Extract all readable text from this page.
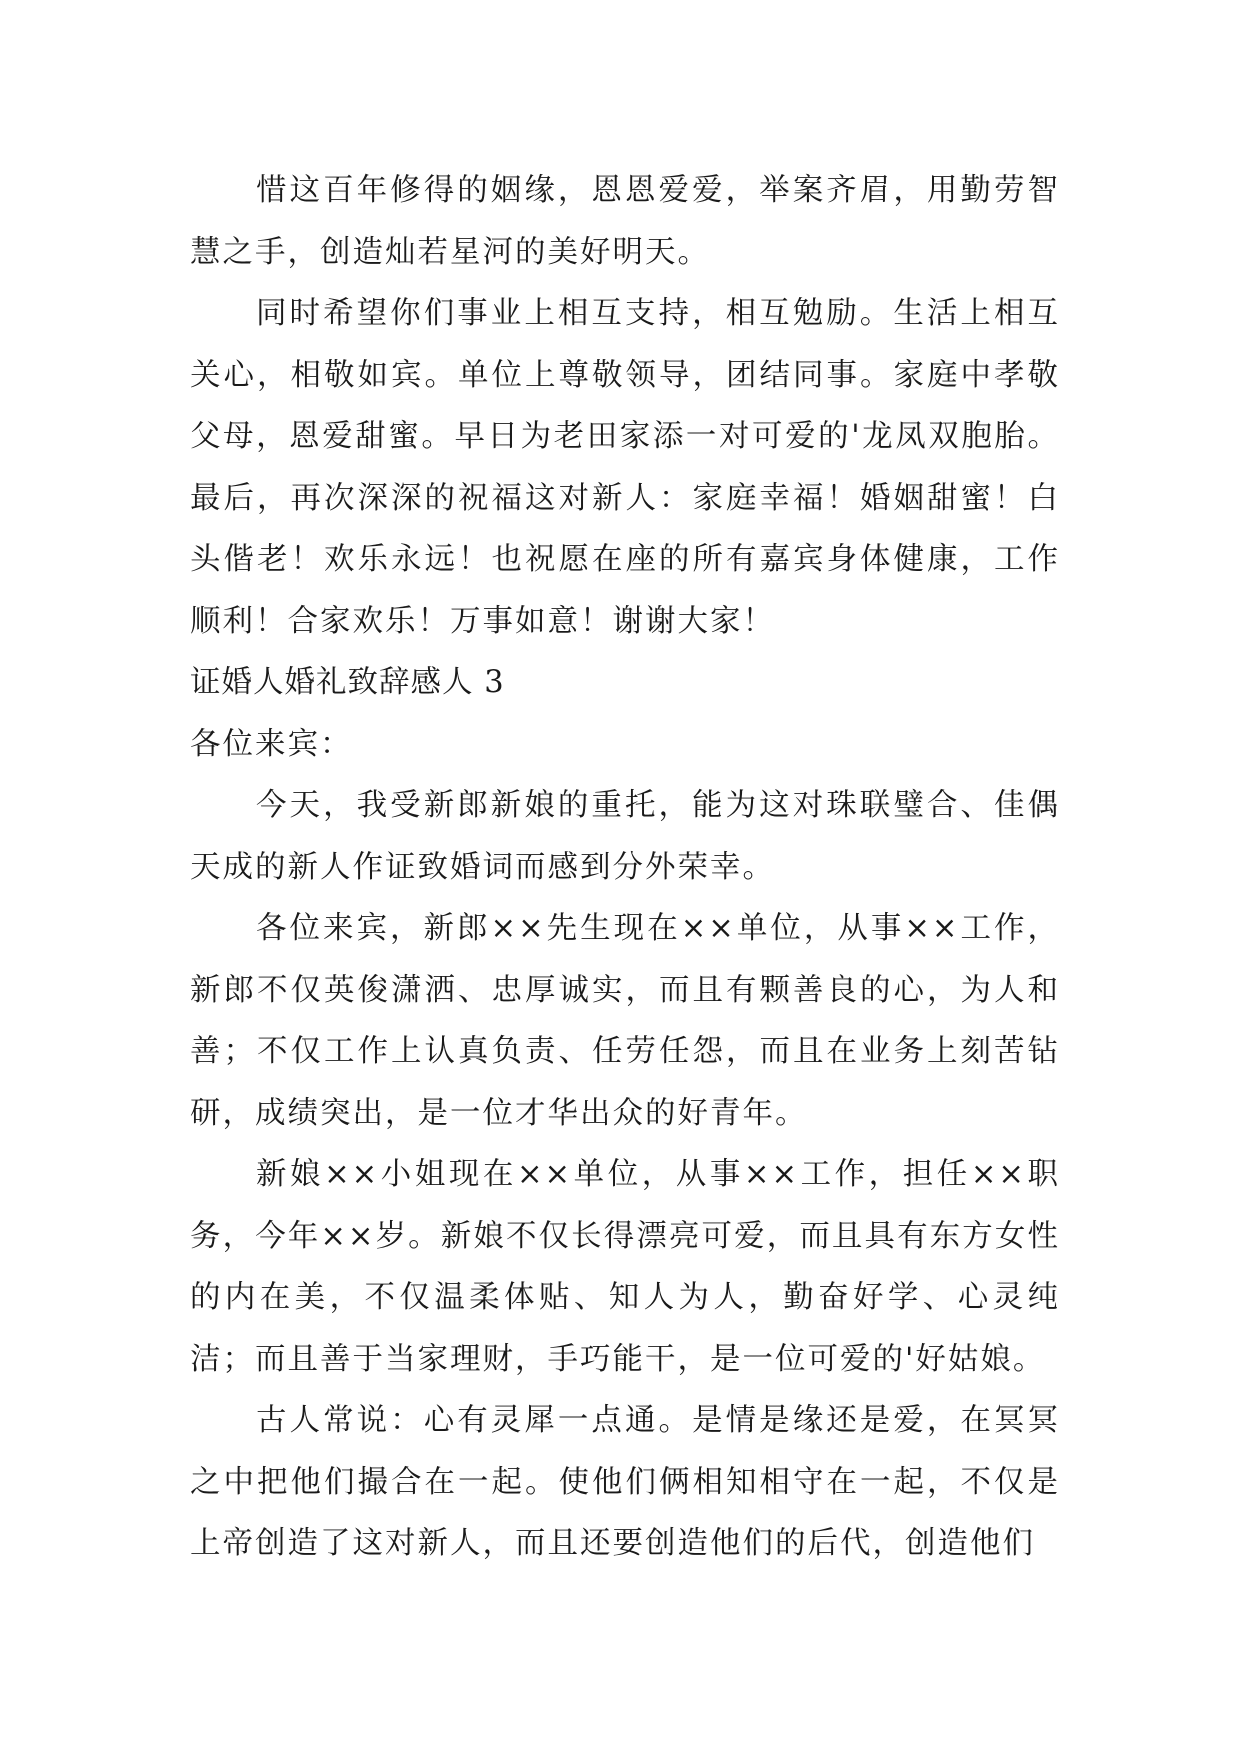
惜这百年修得的姻缘，恩恩爱爱，举案齐眉，用勤劳智慧之手，创造灿若星河的美好明天。

同时希望你们事业上相互支持，相互勉励。生活上相互关心，相敬如宾。单位上尊敬领导，团结同事。家庭中孝敬父母，恩爱甜蜜。早日为老田家添一对可爱的'龙凤双胞胎。最后，再次深深的祝福这对新人：家庭幸福！婚姻甜蜜！白头偕老！欢乐永远！也祝愿在座的所有嘉宾身体健康，工作顺利！合家欢乐！万事如意！谢谢大家！

证婚人婚礼致辞感人 3

各位来宾：

今天，我受新郎新娘的重托，能为这对珠联璧合、佳偶天成的新人作证致婚词而感到分外荣幸。

各位来宾，新郎××先生现在××单位，从事××工作，新郎不仅英俊潇洒、忠厚诚实，而且有颗善良的心，为人和善；不仅工作上认真负责、任劳任怨，而且在业务上刻苦钻研，成绩突出，是一位才华出众的好青年。

新娘××小姐现在××单位，从事××工作，担任××职务，今年××岁。新娘不仅长得漂亮可爱，而且具有东方女性的内在美，不仅温柔体贴、知人为人，勤奋好学、心灵纯洁；而且善于当家理财，手巧能干，是一位可爱的'好姑娘。

古人常说：心有灵犀一点通。是情是缘还是爱，在冥冥之中把他们撮合在一起。使他们俩相知相守在一起，不仅是上帝创造了这对新人，而且还要创造他们的后代，创造他们
